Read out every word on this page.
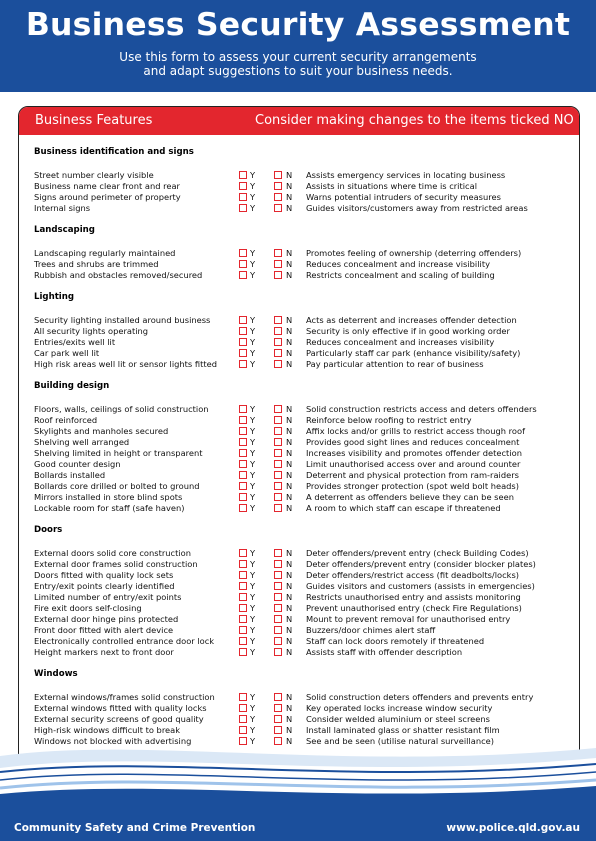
Business Security Assessment
Use this form to assess your current security arrangements
and adapt suggestions to suit your business needs.
Business Features	Consider making changes to the items ticked NO
Business identification and signs
Street number clearly visible	Y	N Assists emergency services in locating business
Business name clear front and rear	Y	N Assists in situations where time is critical
Signs around perimeter of property	Y	N Warns potential intruders of security measures
Internal signs	Y	N Guides visitors/customers away from restricted areas
Landscaping
Landscaping regularly maintained	Y	N Promotes feeling of ownership (deterring offenders)
Trees and shrubs are trimmed	Y	N Reduces concealment and increase visibility
Rubbish and obstacles removed/secured	Y	N Restricts concealment and scaling of building
Lighting
Security lighting installed around business	Y	N Acts as deterrent and increases offender detection
All security lights operating	Y	N Security is only effective if in good working order
Entries/exits well lit	Y	N Reduces concealment and increases visibility
Car park well lit	Y	N Particularly staff car park (enhance visibility/safety)
High risk areas well lit or sensor lights fitted	Y	N Pay particular attention to rear of business
Building design
Floors, walls, ceilings of solid construction	Y	N Solid construction restricts access and deters offenders
Roof reinforced	Y	N Reinforce below roofing to restrict entry
Skylights and manholes secured	Y	N Affix locks and/or grills to restrict access though roof
Shelving well arranged	Y	N Provides good sight lines and reduces concealment
Shelving limited in height or transparent	Y	N Increases visibility and promotes offender detection
Good counter design	Y	N Limit unauthorised access over and around counter
Bollards installed	Y	N Deterrent and physical protection from ram-raiders
Bollards core drilled or bolted to ground	Y	N Provides stronger protection (spot weld bolt heads)
Mirrors installed in store blind spots	Y	N A deterrent as offenders believe they can be seen
Lockable room for staff (safe haven)	Y	N A room to which staff can escape if threatened
Doors
External doors solid core construction	Y	N Deter offenders/prevent entry (check Building Codes)
External door frames solid construction	Y	N Deter offenders/prevent entry (consider blocker plates)
Doors fitted with quality lock sets	Y	N Deter offenders/restrict access (fit deadbolts/locks)
Entry/exit points clearly identified	Y	N Guides visitors and customers (assists in emergencies)
Limited number of entry/exit points	Y	N Restricts unauthorised entry and assists monitoring
Fire exit doors self-closing	Y	N Prevent unauthorised entry (check Fire Regulations)
External door hinge pins protected	Y	N Mount to prevent removal for unauthorised entry
Front door fitted with alert device	Y	N Buzzers/door chimes alert staff
Electronically controlled entrance door lock	Y	N Staff can lock doors remotely if threatened
Height markers next to front door	Y	N Assists staff with offender description
Windows
External windows/frames solid construction	Y	N Solid construction deters offenders and prevents entry
External windows fitted with quality locks	Y	N Key operated locks increase window security
External security screens of good quality	Y	N Consider welded aluminium or steel screens
High-risk windows difficult to break	Y	N Install laminated glass or shatter resistant film
Windows not blocked with advertising	Y	N See and be seen (utilise natural surveillance)
Community Safety and Crime Prevention	www.police.qld.gov.au
